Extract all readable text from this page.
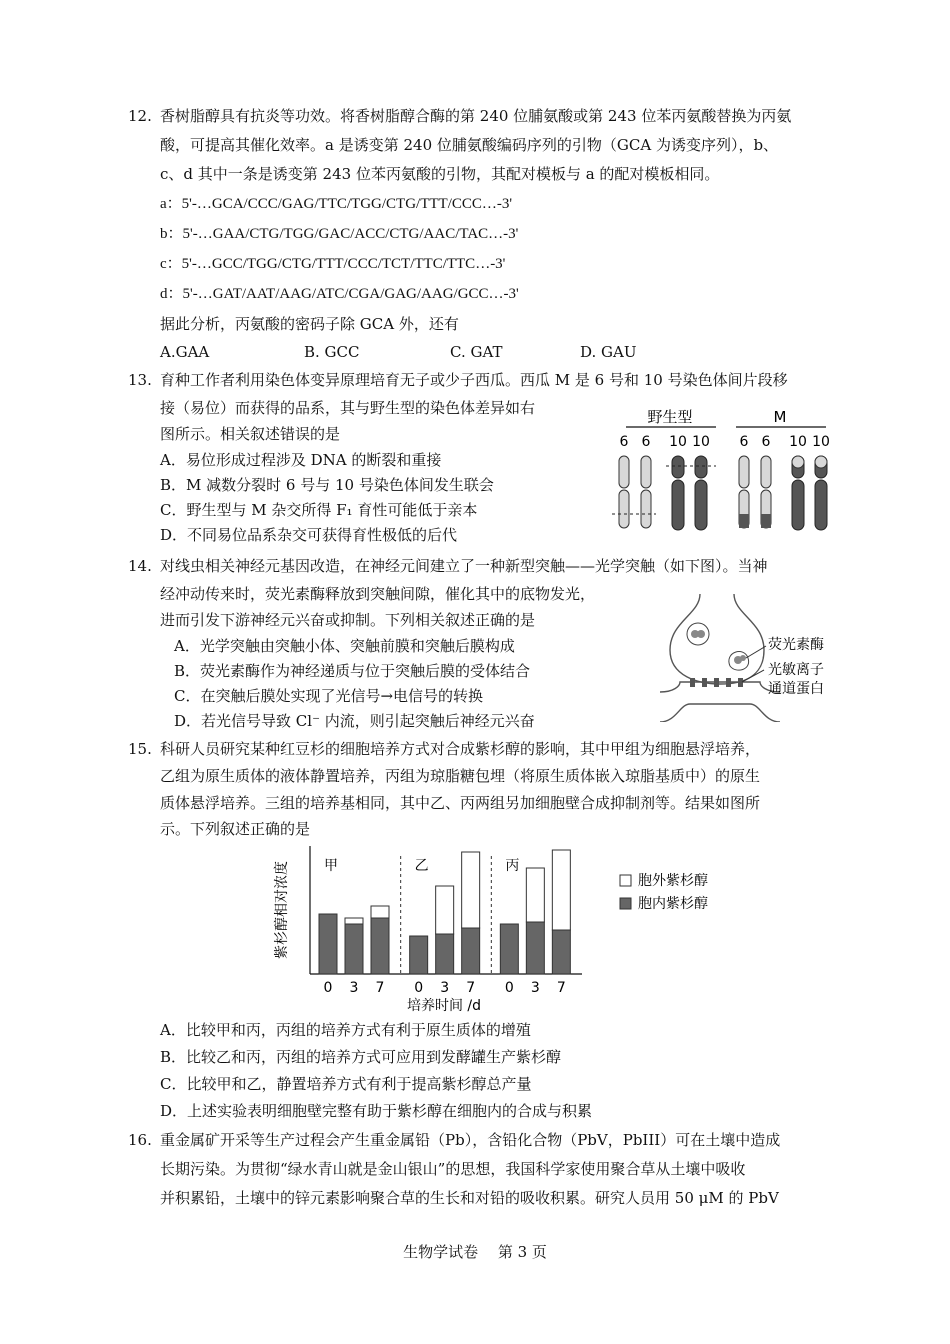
12. 香树脂醇具有抗炎等功效。将香树脂醇合酶的第 240 位脯氨酸或第 243 位苯丙氨酸替换为丙氨
酸，可提高其催化效率。a 是诱变第 240 位脯氨酸编码序列的引物（GCA 为诱变序列），b、
c、d 其中一条是诱变第 243 位苯丙氨酸的引物，其配对模板与 a 的配对模板相同。
a：5'-…GCA/CCC/GAG/TTC/TGG/CTG/TTT/CCC…-3'
b：5'-…GAA/CTG/TGG/GAC/ACC/CTG/AAC/TAC…-3'
c：5'-…GCC/TGG/CTG/TTT/CCC/TCT/TTC/TTC…-3'
d：5'-…GAT/AAT/AAG/ATC/CGA/GAG/AAG/GCC…-3'
据此分析，丙氨酸的密码子除 GCA 外，还有
A.GAA	B. GCC	C. GAT	D. GAU
13. 育种工作者利用染色体变异原理培育无子或少子西瓜。西瓜 M 是 6 号和 10 号染色体间片段移
接（易位）而获得的品系，其与野生型的染色体差异如右
图所示。相关叙述错误的是
A．易位形成过程涉及 DNA 的断裂和重接
B．M 减数分裂时 6 号与 10 号染色体间发生联会
C．野生型与 M 杂交所得 F₁ 育性可能低于亲本
D．不同易位品系杂交可获得育性极低的后代
野生型	M
6 6 10 10 6 6 10 10
14. 对线虫相关神经元基因改造，在神经元间建立了一种新型突触——光学突触（如下图）。当神
经冲动传来时，荧光素酶释放到突触间隙，催化其中的底物发光，
进而引发下游神经元兴奋或抑制。下列相关叙述正确的是
A．光学突触由突触小体、突触前膜和突触后膜构成
B．荧光素酶作为神经递质与位于突触后膜的受体结合
C．在突触后膜处实现了光信号→电信号的转换
D．若光信号导致 Cl⁻ 内流，则引起突触后神经元兴奋
荧光素酶
光敏离子
通道蛋白
15. 科研人员研究某种红豆杉的细胞培养方式对合成紫杉醇的影响，其中甲组为细胞悬浮培养，
乙组为原生质体的液体静置培养，丙组为琼脂糖包埋（将原生质体嵌入琼脂基质中）的原生
质体悬浮培养。三组的培养基相同，其中乙、丙两组另加细胞壁合成抑制剂等。结果如图所
示。下列叙述正确的是
紫杉醇相对浓度
培养时间 /d
甲
0 3 7
乙
0 3 7
丙
0 3 7
胞外紫杉醇
胞内紫杉醇
A．比较甲和丙，丙组的培养方式有利于原生质体的增殖
B．比较乙和丙，丙组的培养方式可应用到发酵罐生产紫杉醇
C．比较甲和乙，静置培养方式有利于提高紫杉醇总产量
D．上述实验表明细胞壁完整有助于紫杉醇在细胞内的合成与积累
16. 重金属矿开采等生产过程会产生重金属铅（Pb），含铅化合物（PbV，PbIII）可在土壤中造成
长期污染。为贯彻“绿水青山就是金山银山”的思想，我国科学家使用聚合草从土壤中吸收
并积累铅，土壤中的锌元素影响聚合草的生长和对铅的吸收积累。研究人员用 50 μM 的 PbV
生物学试卷　 第 3 页
